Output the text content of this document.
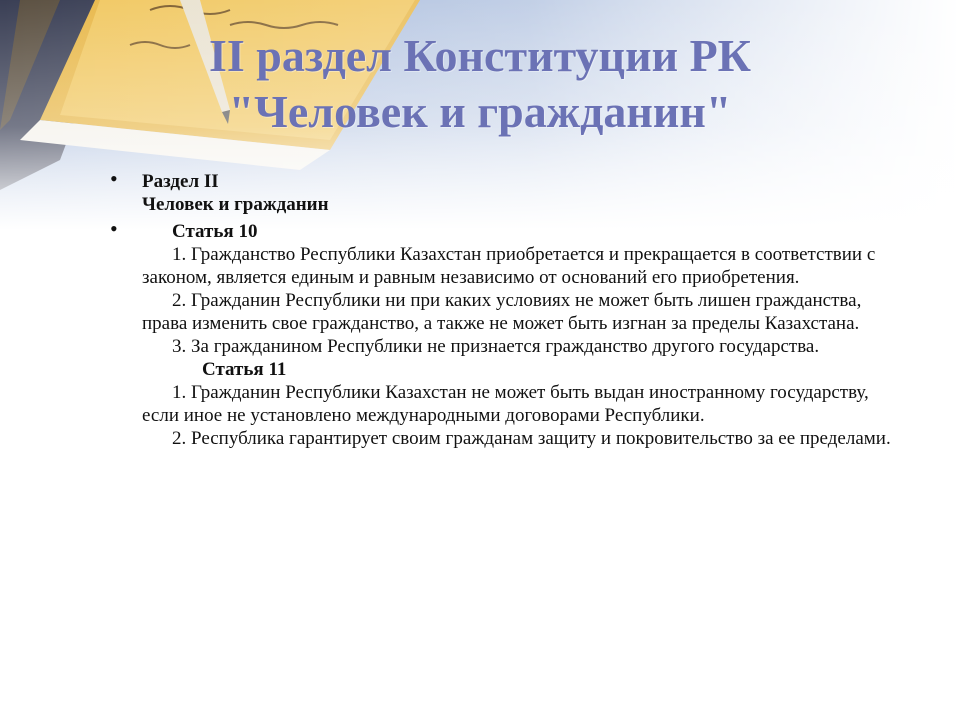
II раздел Конституции РК
"Человек и гражданин"
• Раздел II
Человек и гражданин
•	Статья 10
1. Гражданство Республики Казахстан приобретается и прекращается в соответствии с законом, является единым и равным независимо от оснований его приобретения.
2. Гражданин Республики ни при каких условиях не может быть лишен гражданства, права изменить свое гражданство, а также не может быть изгнан за пределы Казахстана.
3. За гражданином Республики не признается гражданство другого государства.
Статья 11
1. Гражданин Республики Казахстан не может быть выдан иностранному государству, если иное не установлено международными договорами Республики.
2. Республика гарантирует своим гражданам защиту и покровительство за ее пределами.
